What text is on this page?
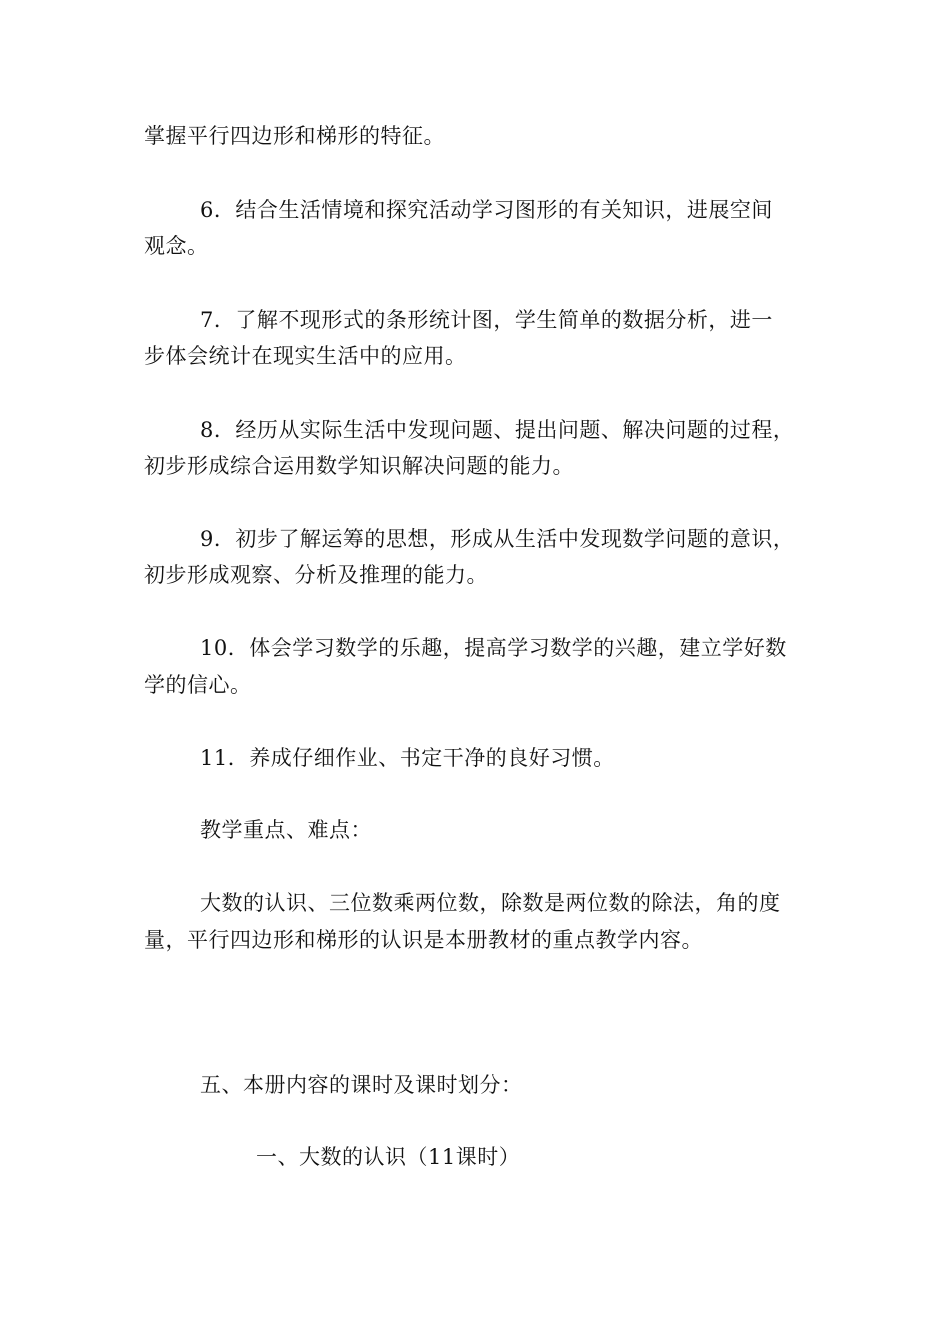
掌握平行四边形和梯形的特征。
6．结合生活情境和探究活动学习图形的有关知识，进展空间
观念。
7．了解不现形式的条形统计图，学生简单的数据分析，进一
步体会统计在现实生活中的应用。
8．经历从实际生活中发现问题、提出问题、解决问题的过程，
初步形成综合运用数学知识解决问题的能力。
9．初步了解运筹的思想，形成从生活中发现数学问题的意识，
初步形成观察、分析及推理的能力。
10．体会学习数学的乐趣，提高学习数学的兴趣，建立学好数
学的信心。
11．养成仔细作业、书定干净的良好习惯。
教学重点、难点：
大数的认识、三位数乘两位数，除数是两位数的除法，角的度
量，平行四边形和梯形的认识是本册教材的重点教学内容。
五、本册内容的课时及课时划分：
一、大数的认识（11课时）
